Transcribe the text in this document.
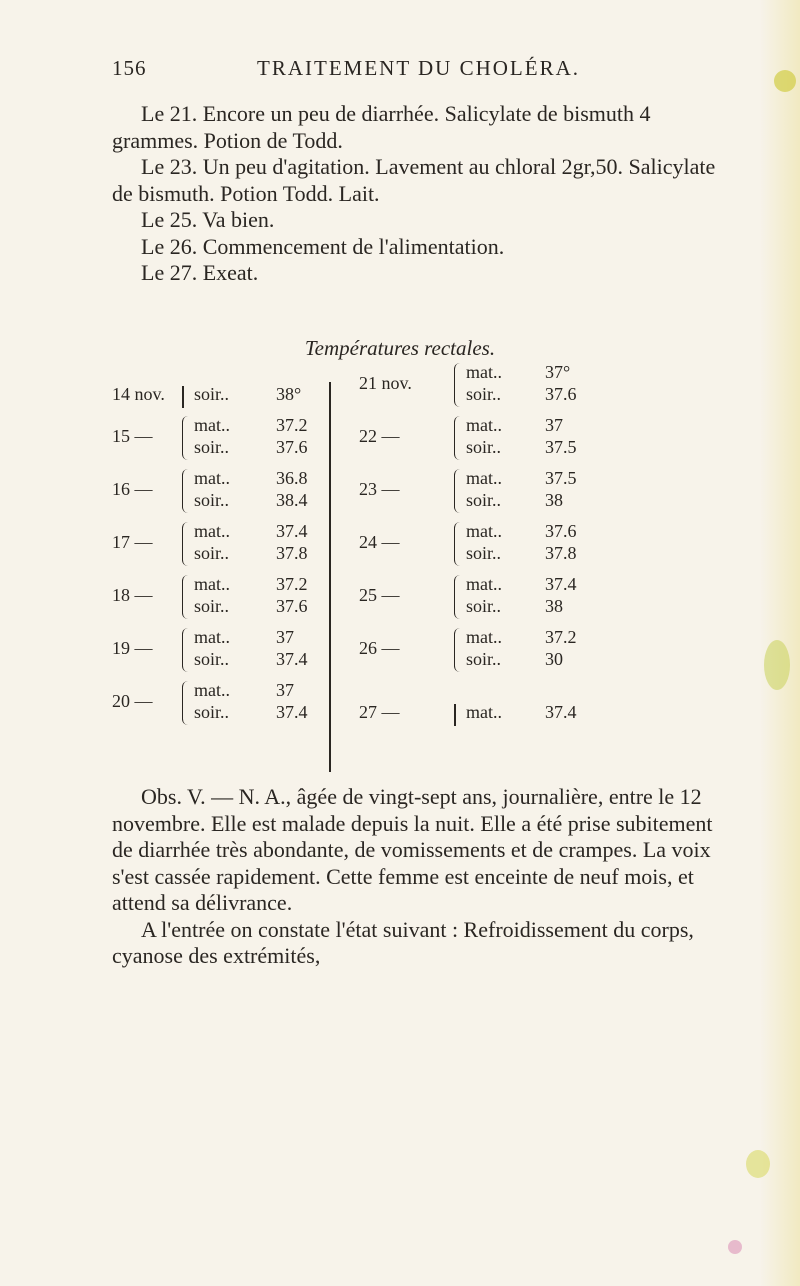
156	TRAITEMENT DU CHOLÉRA.

Le 21. Encore un peu de diarrhée. Salicylate de bismuth 4 grammes. Potion de Todd.

Le 23. Un peu d'agitation. Lavement au chloral 2gr,50. Salicylate de bismuth. Potion Todd. Lait.

Le 25. Va bien.

Le 26. Commencement de l'alimentation.

Le 27. Exeat.

Températures rectales.
14 nov. soir..	38°
15 —
mat..	37.2
soir..	37.6
16 —
mat..	36.8
soir..	38.4
17 —
mat..	37.4
soir..	37.8
18 —
mat..	37.2
soir..	37.6
19 —
mat..	37
soir..	37.4
20 —
mat..	37
soir..	37.4
21 nov.
mat.. 37°
soir.. 37.6
22 —
mat.. 37
soir.. 37.5
23 —
mat.. 37.5
soir.. 38
24 —
mat.. 37.6
soir.. 37.8
25 —
mat.. 37.4
soir.. 38
26 —
mat.. 37.2
soir.. 30
27 —	mat.. 37.4

Obs. V. — N. A., âgée de vingt-sept ans, journalière, entre le 12 novembre. Elle est malade depuis la nuit. Elle a été prise subitement de diarrhée très abondante, de vomissements et de crampes. La voix s'est cassée rapidement. Cette femme est enceinte de neuf mois, et attend sa délivrance.

A l'entrée on constate l'état suivant : Refroidissement du corps, cyanose des extrémités,
